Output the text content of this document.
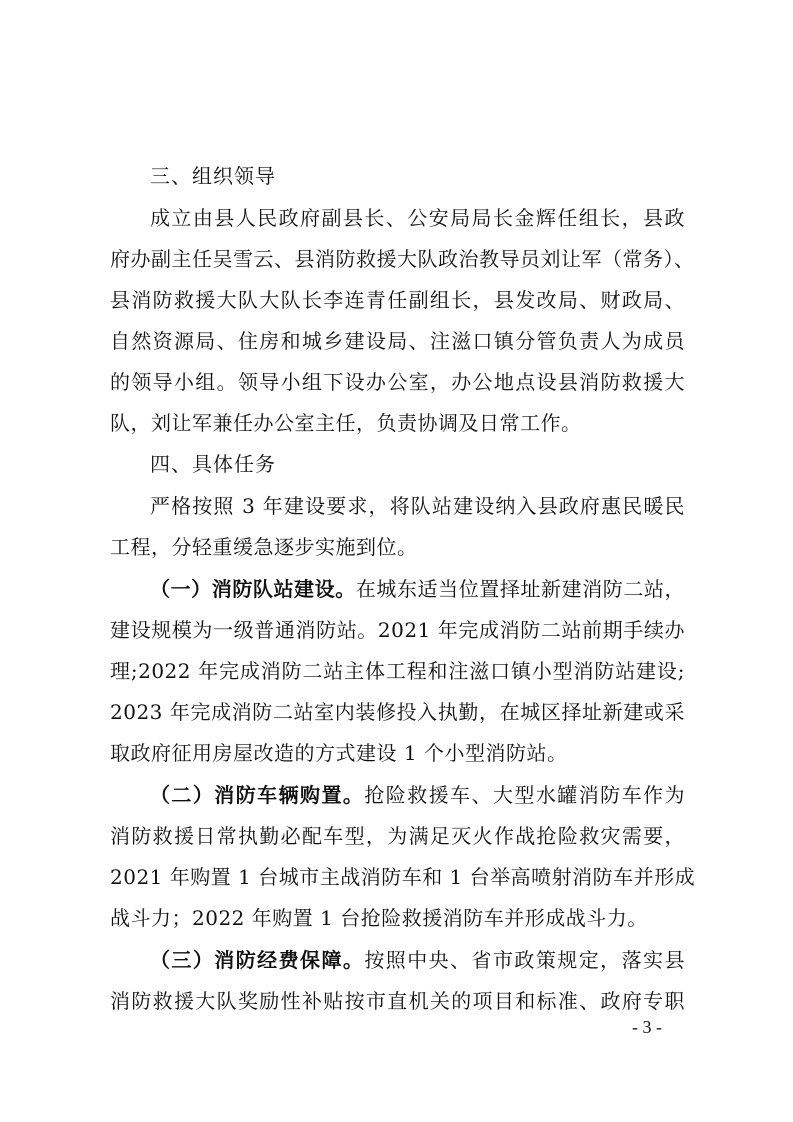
三、组织领导
成立由县人民政府副县长、公安局局长金辉任组长，县政
府办副主任吴雪云、县消防救援大队政治教导员刘让军（常务）、
县消防救援大队大队长李连青任副组长，县发改局、财政局、
自然资源局、住房和城乡建设局、注滋口镇分管负责人为成员
的领导小组。领导小组下设办公室，办公地点设县消防救援大
队，刘让军兼任办公室主任，负责协调及日常工作。
四、具体任务
严格按照 3 年建设要求，将队站建设纳入县政府惠民暖民
工程，分轻重缓急逐步实施到位。
（一）消防队站建设。在城东适当位置择址新建消防二站，
建设规模为一级普通消防站。2021 年完成消防二站前期手续办
理;2022 年完成消防二站主体工程和注滋口镇小型消防站建设;
2023 年完成消防二站室内装修投入执勤，在城区择址新建或采
取政府征用房屋改造的方式建设 1 个小型消防站。
（二）消防车辆购置。抢险救援车、大型水罐消防车作为
消防救援日常执勤必配车型，为满足灭火作战抢险救灾需要，
2021 年购置 1 台城市主战消防车和 1 台举高喷射消防车并形成
战斗力；2022 年购置 1 台抢险救援消防车并形成战斗力。
（三）消防经费保障。按照中央、省市政策规定，落实县
消防救援大队奖励性补贴按市直机关的项目和标准、政府专职
- 3 -
